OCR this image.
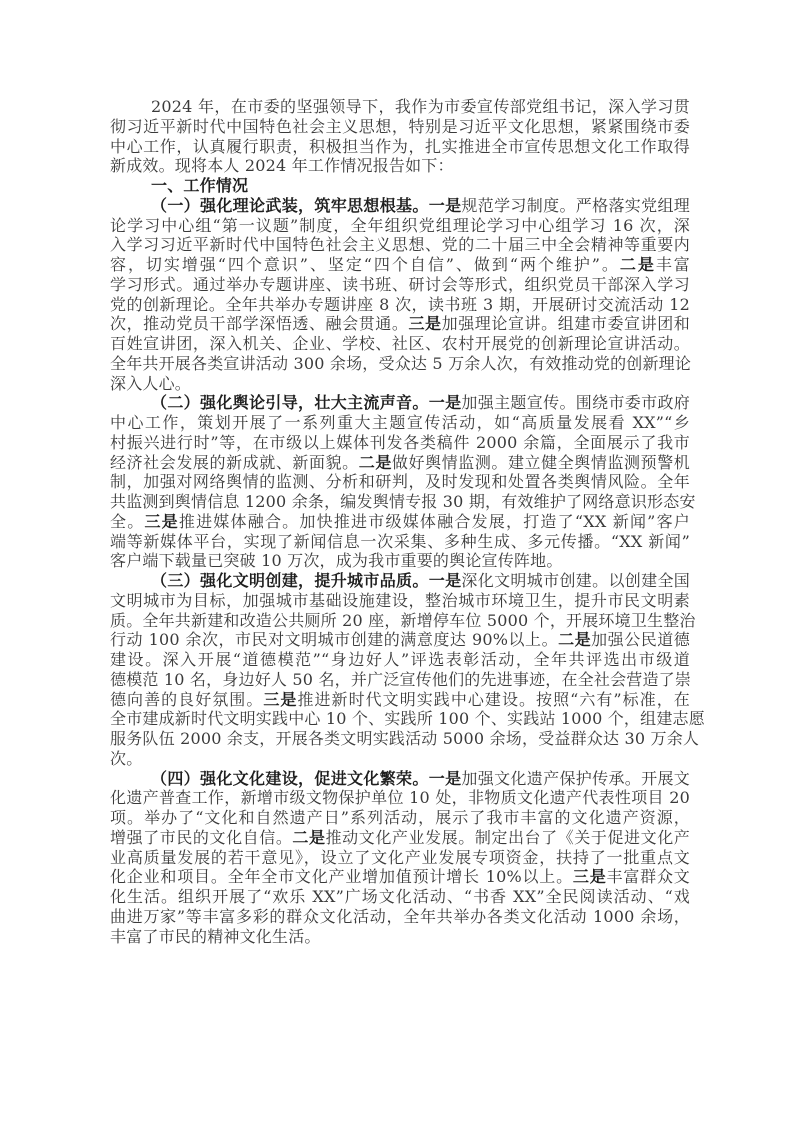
2024 年，在市委的坚强领导下，我作为市委宣传部党组书记，深入学习贯
彻习近平新时代中国特色社会主义思想，特别是习近平文化思想，紧紧围绕市委
中心工作，认真履行职责，积极担当作为，扎实推进全市宣传思想文化工作取得
新成效。现将本人 2024 年工作情况报告如下：
一、工作情况
（一）强化理论武装，筑牢思想根基。一是规范学习制度。严格落实党组理
论学习中心组“第一议题”制度，全年组织党组理论学习中心组学习 16 次，深
入学习习近平新时代中国特色社会主义思想、党的二十届三中全会精神等重要内
容，切实增强“四个意识”、坚定“四个自信”、做到“两个维护”。二是丰富
学习形式。通过举办专题讲座、读书班、研讨会等形式，组织党员干部深入学习
党的创新理论。全年共举办专题讲座 8 次，读书班 3 期，开展研讨交流活动 12
次，推动党员干部学深悟透、融会贯通。三是加强理论宣讲。组建市委宣讲团和
百姓宣讲团，深入机关、企业、学校、社区、农村开展党的创新理论宣讲活动。
全年共开展各类宣讲活动 300 余场，受众达 5 万余人次，有效推动党的创新理论
深入人心。
（二）强化舆论引导，壮大主流声音。一是加强主题宣传。围绕市委市政府
中心工作，策划开展了一系列重大主题宣传活动，如“高质量发展看 XX”“乡
村振兴进行时”等，在市级以上媒体刊发各类稿件 2000 余篇，全面展示了我市
经济社会发展的新成就、新面貌。二是做好舆情监测。建立健全舆情监测预警机
制，加强对网络舆情的监测、分析和研判，及时发现和处置各类舆情风险。全年
共监测到舆情信息 1200 余条，编发舆情专报 30 期，有效维护了网络意识形态安
全。三是推进媒体融合。加快推进市级媒体融合发展，打造了“XX 新闻”客户
端等新媒体平台，实现了新闻信息一次采集、多种生成、多元传播。“XX 新闻”
客户端下载量已突破 10 万次，成为我市重要的舆论宣传阵地。
（三）强化文明创建，提升城市品质。一是深化文明城市创建。以创建全国
文明城市为目标，加强城市基础设施建设，整治城市环境卫生，提升市民文明素
质。全年共新建和改造公共厕所 20 座，新增停车位 5000 个，开展环境卫生整治
行动 100 余次，市民对文明城市创建的满意度达 90%以上。二是加强公民道德
建设。深入开展“道德模范”“身边好人”评选表彰活动，全年共评选出市级道
德模范 10 名，身边好人 50 名，并广泛宣传他们的先进事迹，在全社会营造了崇
德向善的良好氛围。三是推进新时代文明实践中心建设。按照“六有”标准，在
全市建成新时代文明实践中心 10 个、实践所 100 个、实践站 1000 个，组建志愿
服务队伍 2000 余支，开展各类文明实践活动 5000 余场，受益群众达 30 万余人
次。
（四）强化文化建设，促进文化繁荣。一是加强文化遗产保护传承。开展文
化遗产普查工作，新增市级文物保护单位 10 处，非物质文化遗产代表性项目 20
项。举办了“文化和自然遗产日”系列活动，展示了我市丰富的文化遗产资源，
增强了市民的文化自信。二是推动文化产业发展。制定出台了《关于促进文化产
业高质量发展的若干意见》，设立了文化产业发展专项资金，扶持了一批重点文
化企业和项目。全年全市文化产业增加值预计增长 10%以上。三是丰富群众文
化生活。组织开展了“欢乐 XX”广场文化活动、“书香 XX”全民阅读活动、“戏
曲进万家”等丰富多彩的群众文化活动，全年共举办各类文化活动 1000 余场，
丰富了市民的精神文化生活。
